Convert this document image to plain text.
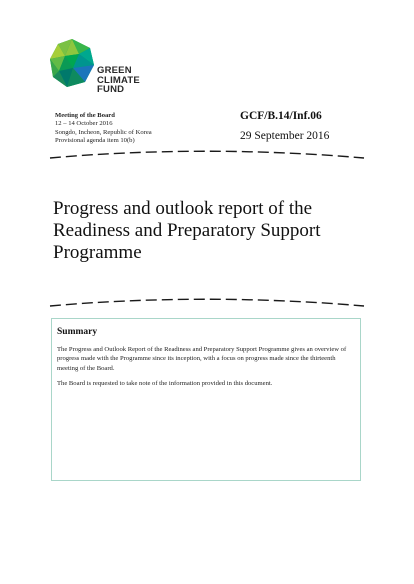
GREEN
CLIMATE
FUND
Meeting of the Board
12 – 14 October 2016
Songdo, Incheon, Republic of Korea
Provisional agenda item 10(b)
GCF/B.14/Inf.06
29 September 2016
Progress and outlook report of the
Readiness and Preparatory Support
Programme
Summary

The Progress and Outlook Report of the Readiness and Preparatory Support Programme gives an overview of progress made with the Programme since its inception, with a focus on progress made since the thirteenth meeting of the Board.

The Board is requested to take note of the information provided in this document.
